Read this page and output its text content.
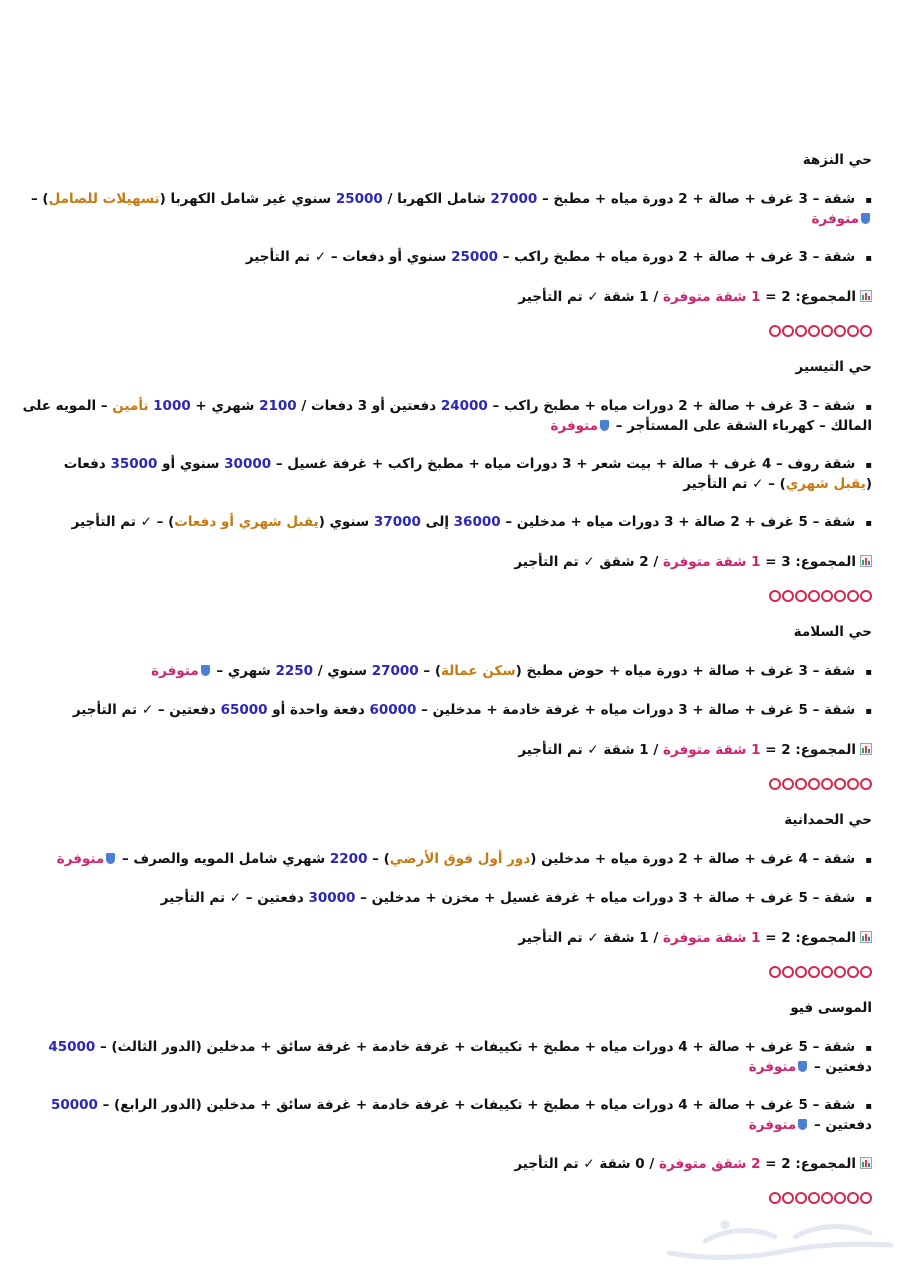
حي النزهة
▪شقة – 3 غرف + صالة + 2 دورة مياه + مطبخ – 27000 شامل الكهربا / 25000 سنوي غير شامل الكهربا (تسهيلات للصامل) – متوفرة
▪شقة – 3 غرف + صالة + 2 دورة مياه + مطبخ راكب – 25000 سنوي أو دفعات – ✓ تم التأجير
المجموع: 2 = 1 شقة متوفرة / 1 شقة ✓ تم التأجير
حي التيسير
▪شقة – 3 غرف + صالة + 2 دورات مياه + مطبخ راكب – 24000 دفعتين أو 3 دفعات / 2100 شهري + 1000 تأمين – المويه على المالك – كهرباء الشقة على المستأجر – متوفرة
▪شقة روف – 4 غرف + صالة + بيت شعر + 3 دورات مياه + مطبخ راكب + غرفة غسيل – 30000 سنوي أو 35000 دفعات (يقبل شهري) – ✓ تم التأجير
▪شقة – 5 غرف + 2 صالة + 3 دورات مياه + مدخلين – 36000 إلى 37000 سنوي (يقبل شهري أو دفعات) – ✓ تم التأجير
المجموع: 3 = 1 شقة متوفرة / 2 شقق ✓ تم التأجير
حي السلامة
▪شقة – 3 غرف + صالة + دورة مياه + حوض مطبخ (سكن عمالة) – 27000 سنوي / 2250 شهري – متوفرة
▪شقة – 5 غرف + صالة + 3 دورات مياه + غرفة خادمة + مدخلين – 60000 دفعة واحدة أو 65000 دفعتين – ✓ تم التأجير
المجموع: 2 = 1 شقة متوفرة / 1 شقة ✓ تم التأجير
حي الحمدانية
▪شقة – 4 غرف + صالة + 2 دورة مياه + مدخلين (دور أول فوق الأرضي) – 2200 شهري شامل المويه والصرف – متوفرة
▪شقة – 5 غرف + صالة + 3 دورات مياه + غرفة غسيل + مخزن + مدخلين – 30000 دفعتين – ✓ تم التأجير
المجموع: 2 = 1 شقة متوفرة / 1 شقة ✓ تم التأجير
الموسى فيو
▪شقة – 5 غرف + صالة + 4 دورات مياه + مطبخ + تكييفات + غرفة خادمة + غرفة سائق + مدخلين (الدور الثالث) – 45000 دفعتين – متوفرة
▪شقة – 5 غرف + صالة + 4 دورات مياه + مطبخ + تكييفات + غرفة خادمة + غرفة سائق + مدخلين (الدور الرابع) – 50000 دفعتين – متوفرة
المجموع: 2 = 2 شقق متوفرة / 0 شقة ✓ تم التأجير
